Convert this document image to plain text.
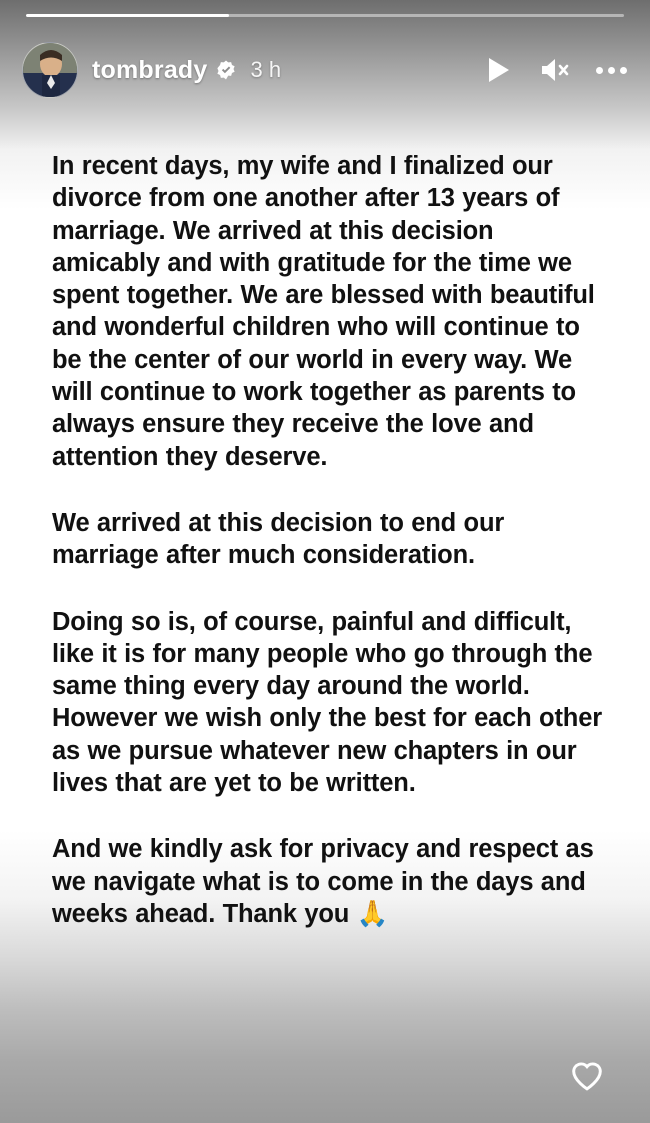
tombrady 3 h

In recent days, my wife and I finalized our divorce from one another after 13 years of marriage. We arrived at this decision amicably and with gratitude for the time we spent together. We are blessed with beautiful and wonderful children who will continue to be the center of our world in every way. We will continue to work together as parents to always ensure they receive the love and attention they deserve.

We arrived at this decision to end our marriage after much consideration.

Doing so is, of course, painful and difficult, like it is for many people who go through the same thing every day around the world. However we wish only the best for each other as we pursue whatever new chapters in our lives that are yet to be written.

And we kindly ask for privacy and respect as we navigate what is to come in the days and weeks ahead. Thank you 🙏
